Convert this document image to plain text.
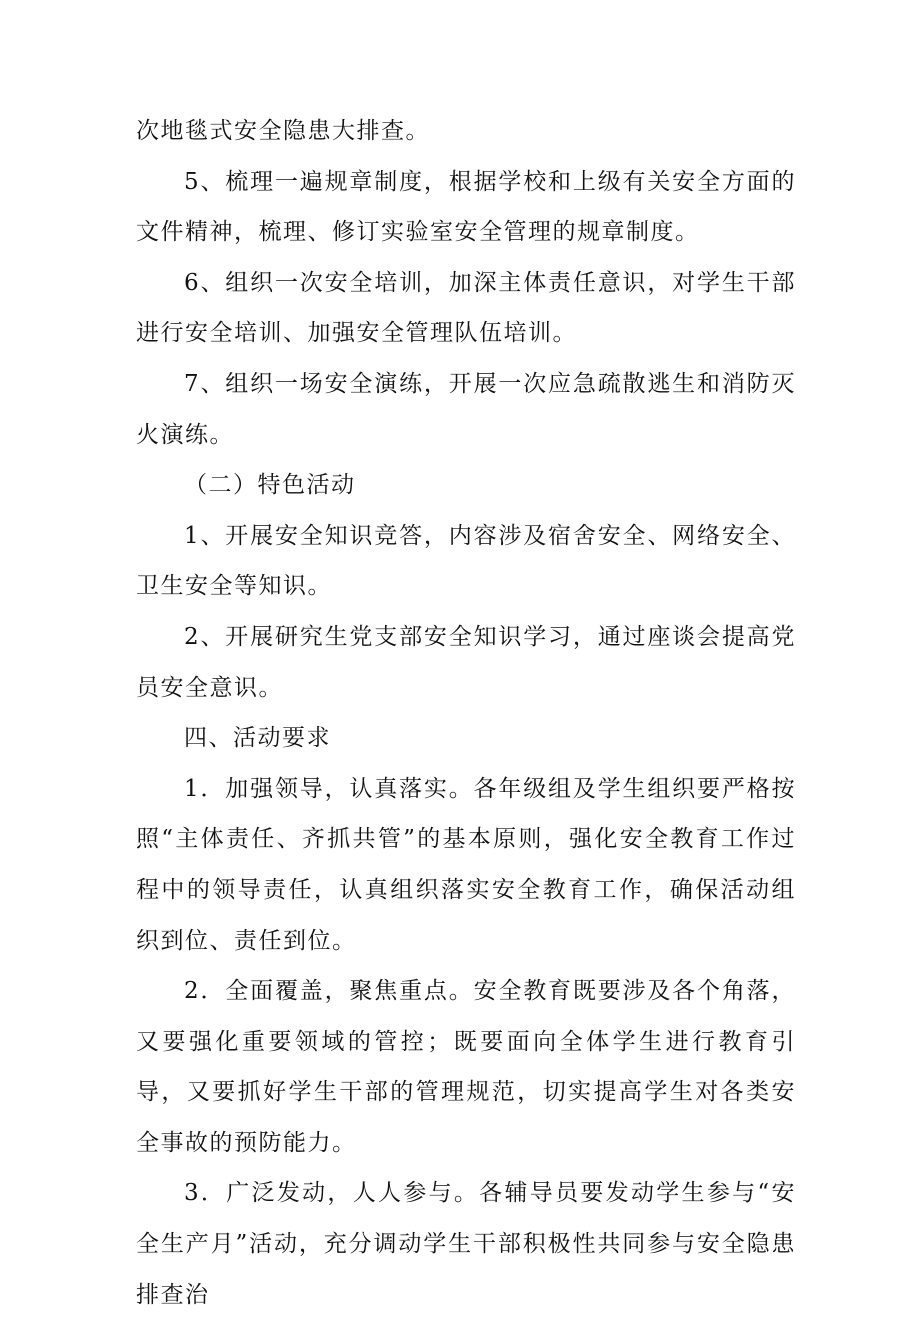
次地毯式安全隐患大排查。

5、梳理一遍规章制度，根据学校和上级有关安全方面的文件精神，梳理、修订实验室安全管理的规章制度。

6、组织一次安全培训，加深主体责任意识，对学生干部进行安全培训、加强安全管理队伍培训。

7、组织一场安全演练，开展一次应急疏散逃生和消防灭火演练。

（二）特色活动

1、开展安全知识竞答，内容涉及宿舍安全、网络安全、卫生安全等知识。

2、开展研究生党支部安全知识学习，通过座谈会提高党员安全意识。

四、活动要求

1．加强领导，认真落实。各年级组及学生组织要严格按照“主体责任、齐抓共管”的基本原则，强化安全教育工作过程中的领导责任，认真组织落实安全教育工作，确保活动组织到位、责任到位。

2．全面覆盖，聚焦重点。安全教育既要涉及各个角落，又要强化重要领域的管控；既要面向全体学生进行教育引导，又要抓好学生干部的管理规范，切实提高学生对各类安全事故的预防能力。

3．广泛发动，人人参与。各辅导员要发动学生参与“安全生产月”活动，充分调动学生干部积极性共同参与安全隐患排查治
